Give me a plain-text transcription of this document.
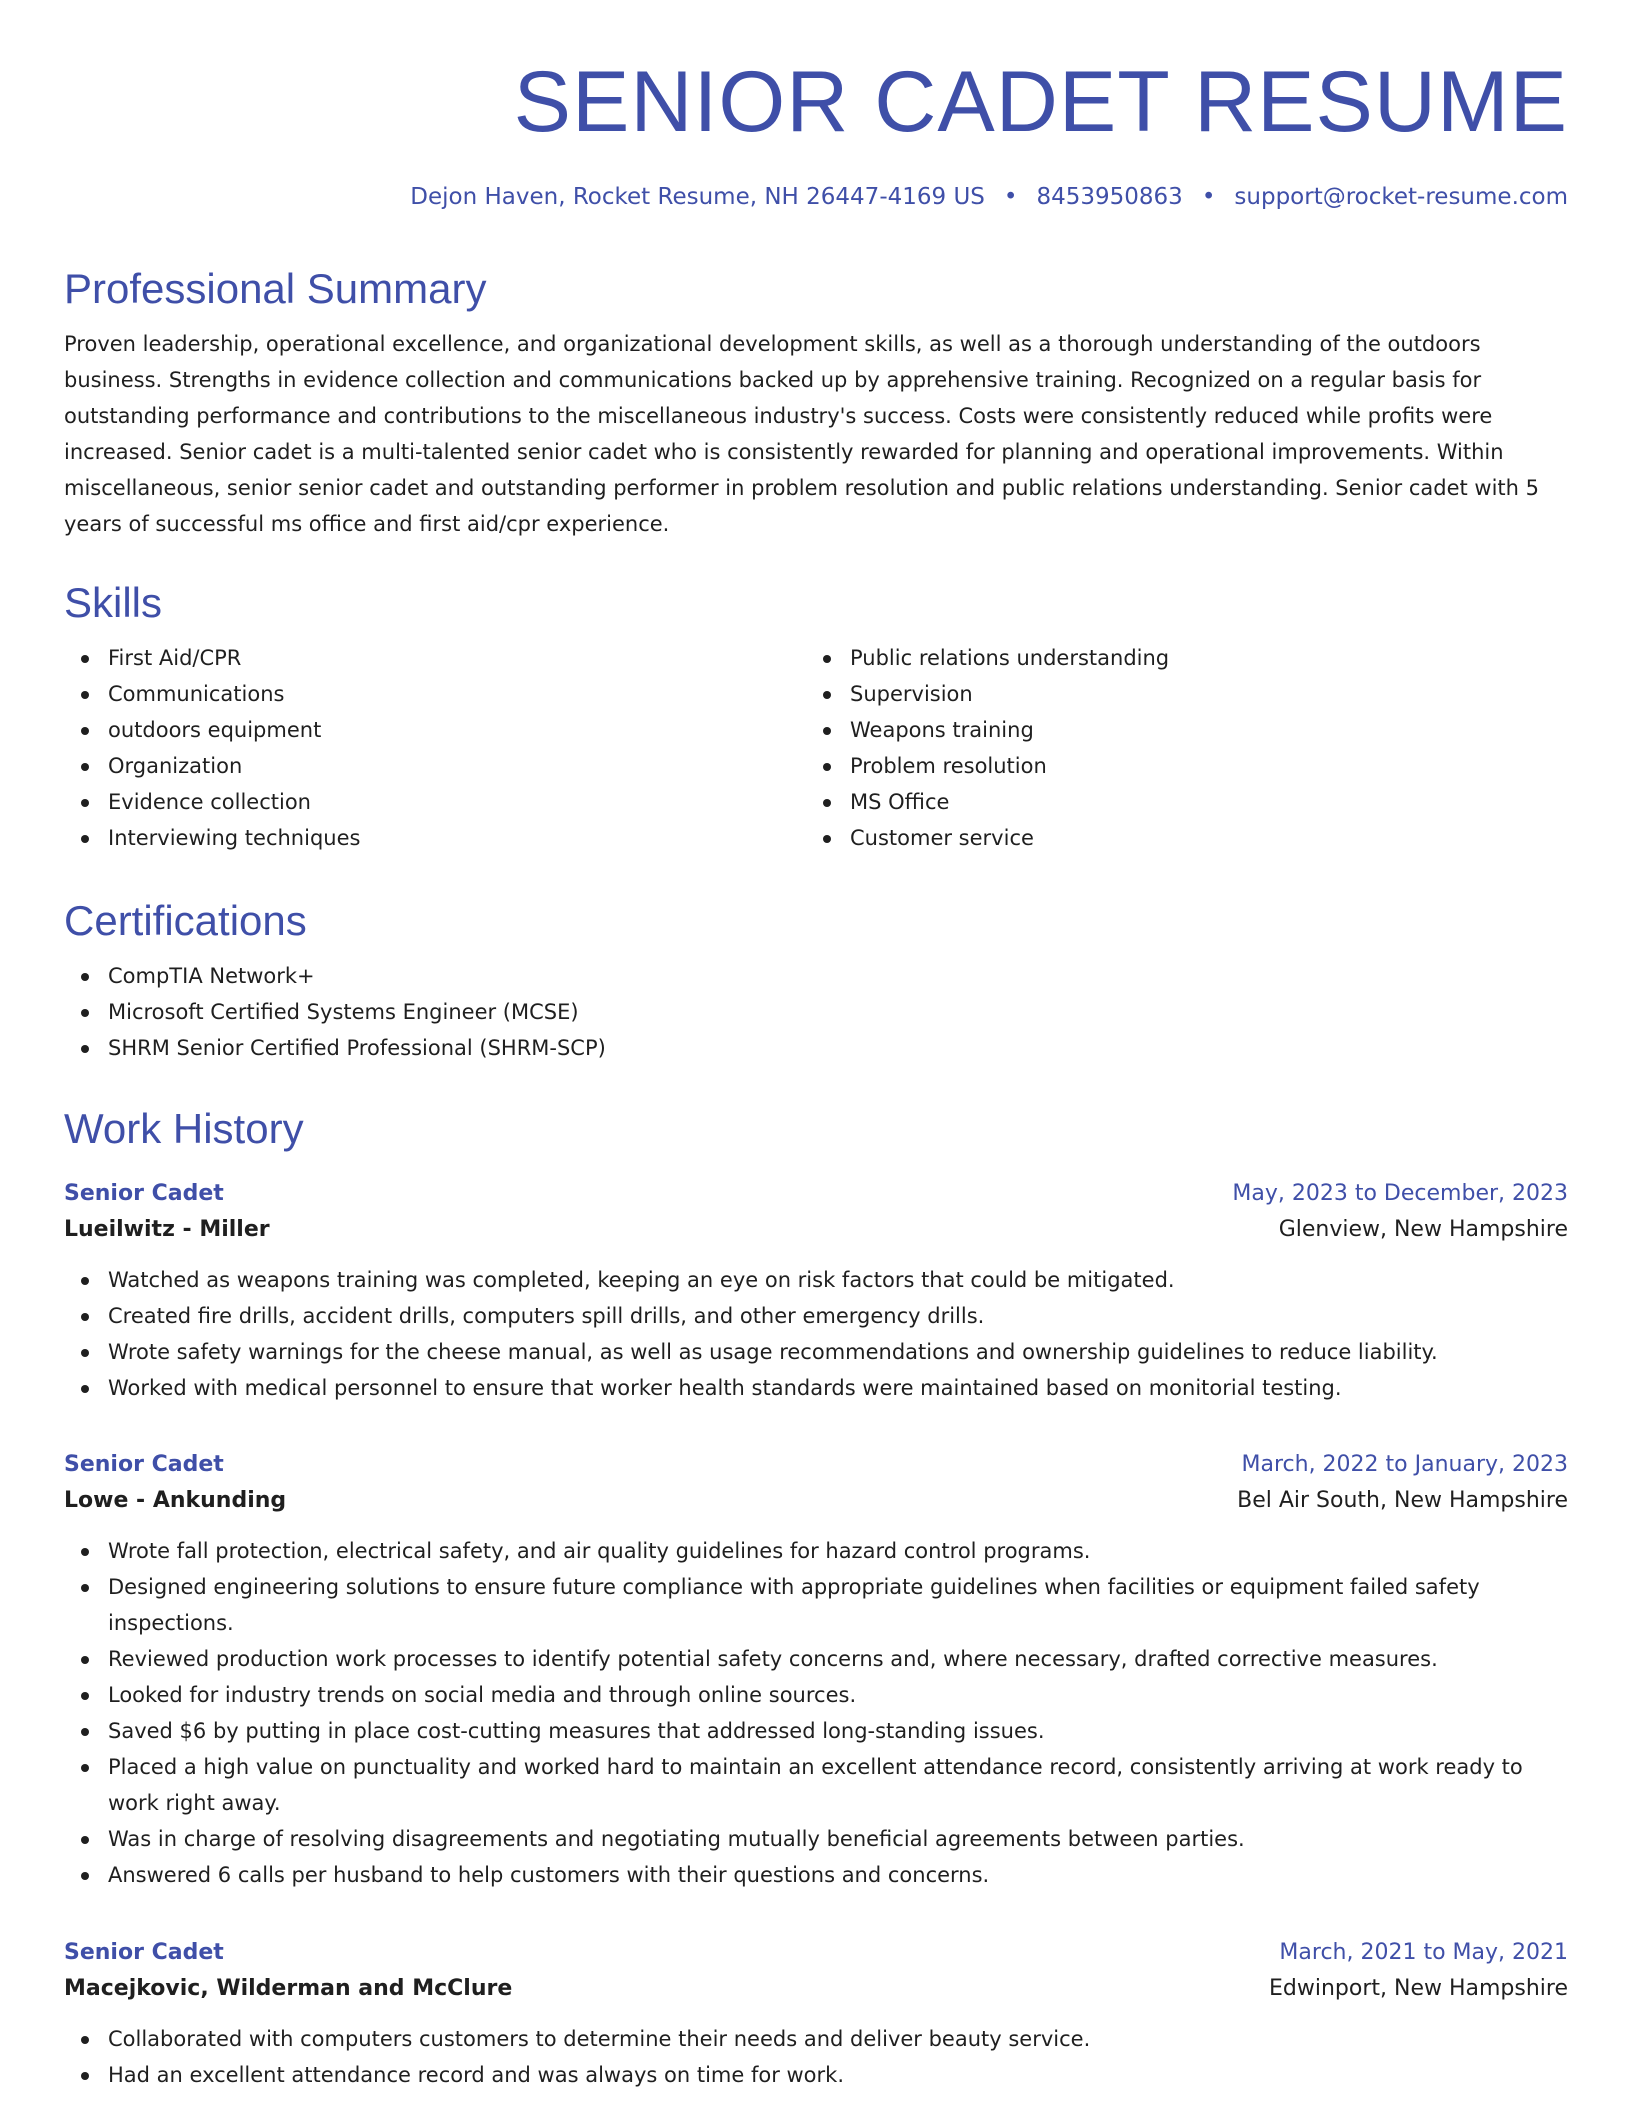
SENIOR CADET RESUME
Dejon Haven, Rocket Resume, NH 26447-4169 US • 8453950863 • support@rocket-resume.com
Professional Summary

Proven leadership, operational excellence, and organizational development skills, as well as a thorough understanding of the outdoors business. Strengths in evidence collection and communications backed up by apprehensive training. Recognized on a regular basis for outstanding performance and contributions to the miscellaneous industry's success. Costs were consistently reduced while profits were increased. Senior cadet is a multi-talented senior cadet who is consistently rewarded for planning and operational improvements. Within miscellaneous, senior senior cadet and outstanding performer in problem resolution and public relations understanding. Senior cadet with 5 years of successful ms office and first aid/cpr experience.

Skills
First Aid/CPR
Communications
outdoors equipment
Organization
Evidence collection
Interviewing techniques
Public relations understanding
Supervision
Weapons training
Problem resolution
MS Office
Customer service
Certifications
CompTIA Network+
Microsoft Certified Systems Engineer (MCSE)
SHRM Senior Certified Professional (SHRM-SCP)
Work History
Senior Cadet	May, 2023 to December, 2023
Lueilwitz - Miller	Glenview, New Hampshire
Watched as weapons training was completed, keeping an eye on risk factors that could be mitigated.
Created fire drills, accident drills, computers spill drills, and other emergency drills.
Wrote safety warnings for the cheese manual, as well as usage recommendations and ownership guidelines to reduce liability.
Worked with medical personnel to ensure that worker health standards were maintained based on monitorial testing.
Senior Cadet	March, 2022 to January, 2023
Lowe - Ankunding	Bel Air South, New Hampshire
Wrote fall protection, electrical safety, and air quality guidelines for hazard control programs.
Designed engineering solutions to ensure future compliance with appropriate guidelines when facilities or equipment failed safety inspections.
Reviewed production work processes to identify potential safety concerns and, where necessary, drafted corrective measures.
Looked for industry trends on social media and through online sources.
Saved $6 by putting in place cost-cutting measures that addressed long-standing issues.
Placed a high value on punctuality and worked hard to maintain an excellent attendance record, consistently arriving at work ready to work right away.
Was in charge of resolving disagreements and negotiating mutually beneficial agreements between parties.
Answered 6 calls per husband to help customers with their questions and concerns.
Senior Cadet	March, 2021 to May, 2021
Macejkovic, Wilderman and McClure	Edwinport, New Hampshire
Collaborated with computers customers to determine their needs and deliver beauty service.
Had an excellent attendance record and was always on time for work.
